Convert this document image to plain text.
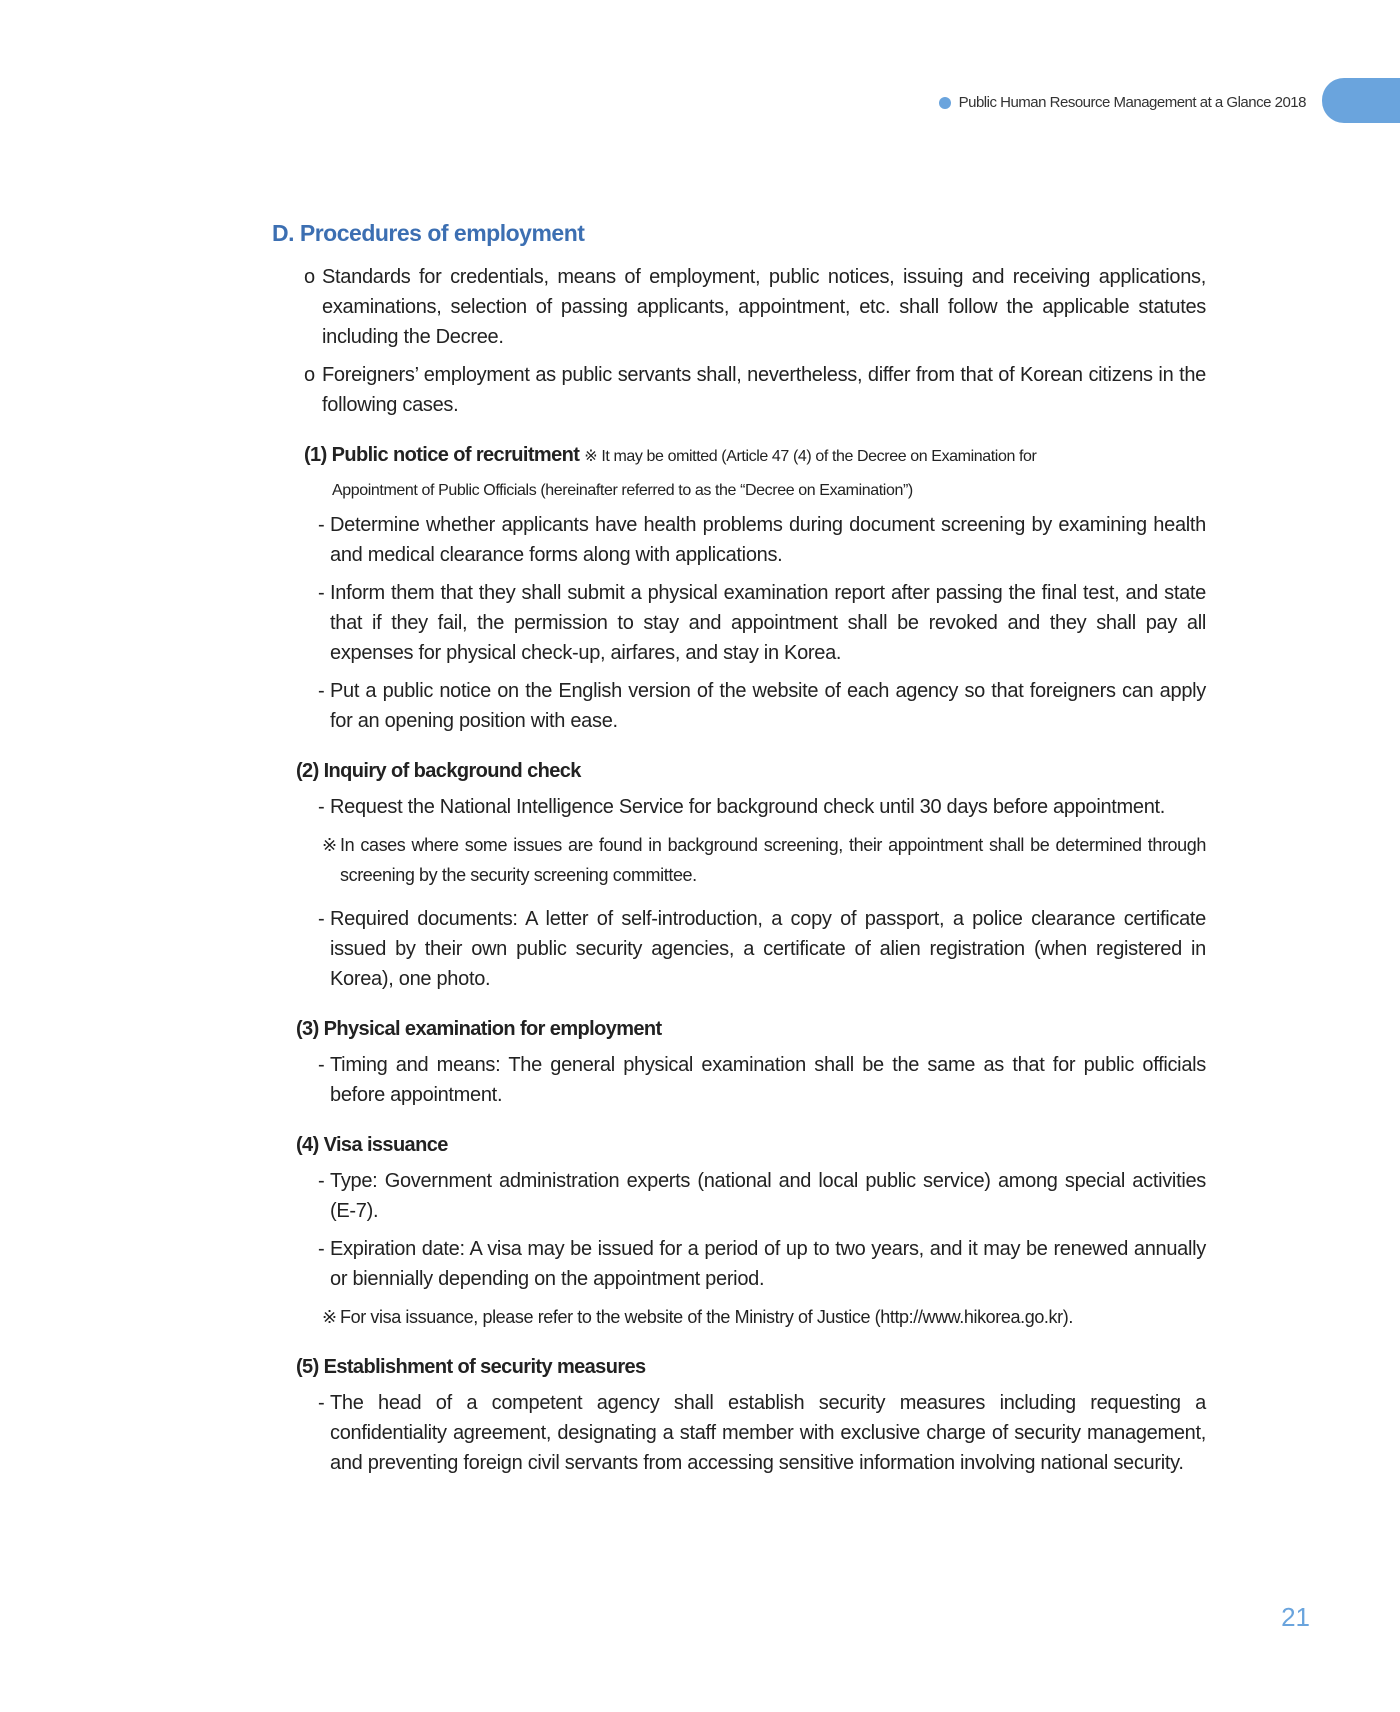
Public Human Resource Management at a Glance 2018
D. Procedures of employment
o Standards for credentials, means of employment, public notices, issuing and receiving applications, examinations, selection of passing applicants, appointment, etc. shall follow the applicable statutes including the Decree.
o Foreigners’ employment as public servants shall, nevertheless, differ from that of Korean citizens in the following cases.
(1) Public notice of recruitment ※ It may be omitted (Article 47 (4) of the Decree on Examination for
Appointment of Public Officials (hereinafter referred to as the “Decree on Examination”)
- Determine whether applicants have health problems during document screening by examining health and medical clearance forms along with applications.
- Inform them that they shall submit a physical examination report after passing the final test, and state that if they fail, the permission to stay and appointment shall be revoked and they shall pay all expenses for physical check-up, airfares, and stay in Korea.
- Put a public notice on the English version of the website of each agency so that foreigners can apply for an opening position with ease.
(2) Inquiry of background check
- Request the National Intelligence Service for background check until 30 days before appointment.
※ In cases where some issues are found in background screening, their appointment shall be determined through screening by the security screening committee.
- Required documents: A letter of self-introduction, a copy of passport, a police clearance certificate issued by their own public security agencies, a certificate of alien registration (when registered in Korea), one photo.
(3) Physical examination for employment
- Timing and means: The general physical examination shall be the same as that for public officials before appointment.
(4) Visa issuance
- Type: Government administration experts (national and local public service) among special activities (E-7).
- Expiration date: A visa may be issued for a period of up to two years, and it may be renewed annually or biennially depending on the appointment period.
※ For visa issuance, please refer to the website of the Ministry of Justice (http://www.hikorea.go.kr).
(5) Establishment of security measures
- The head of a competent agency shall establish security measures including requesting a confidentiality agreement, designating a staff member with exclusive charge of security management, and preventing foreign civil servants from accessing sensitive information involving national security.
21
